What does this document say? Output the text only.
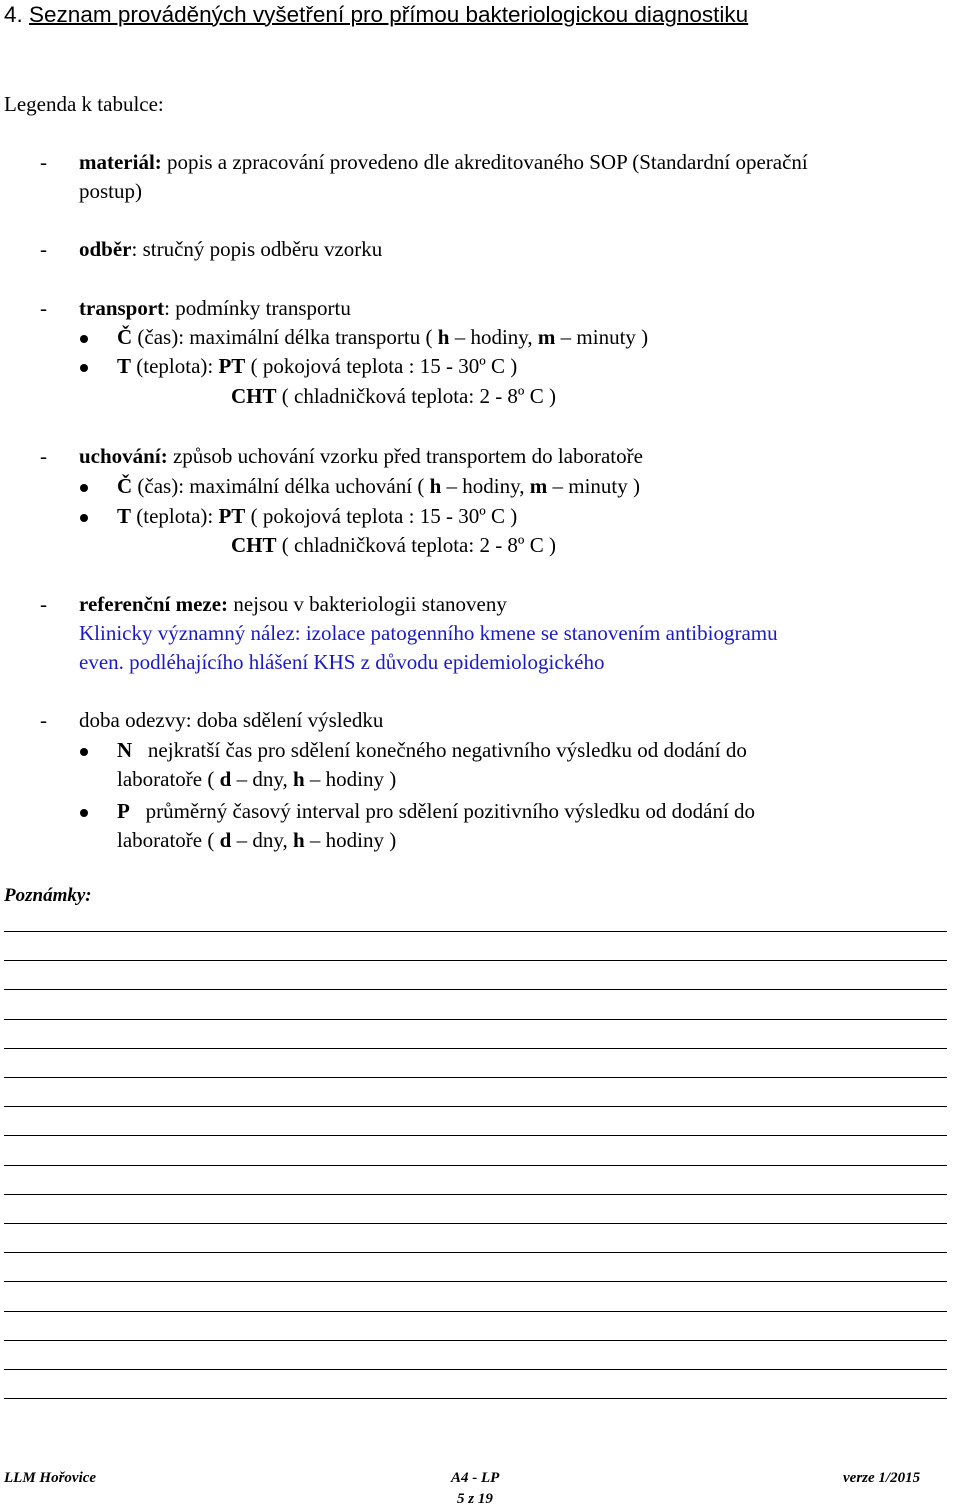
4. Seznam prováděných vyšetření pro přímou bakteriologickou diagnostiku
Legenda k tabulce:
- materiál: popis a zpracování provedeno dle akreditovaného SOP (Standardní operační
postup)
- odběr: stručný popis odběru vzorku
- transport: podmínky transportu
Č (čas): maximální délka transportu ( h – hodiny, m – minuty )
T (teplota): PT ( pokojová teplota : 15 - 30º C )
CHT ( chladničková teplota: 2 - 8º C )
- uchování: způsob uchování vzorku před transportem do laboratoře
Č (čas): maximální délka uchování ( h – hodiny, m – minuty )
T (teplota): PT ( pokojová teplota : 15 - 30º C )
CHT ( chladničková teplota: 2 - 8º C )
- referenční meze: nejsou v bakteriologii stanoveny
Klinicky významný nález: izolace patogenního kmene se stanovením antibiogramu
even. podléhajícího hlášení KHS z důvodu epidemiologického
- doba odezvy: doba sdělení výsledku
N nejkratší čas pro sdělení konečného negativního výsledku od dodání do
laboratoře ( d – dny, h – hodiny )
P průměrný časový interval pro sdělení pozitivního výsledku od dodání do
laboratoře ( d – dny, h – hodiny )
Poznámky:
LLM Hořovice	A4 - LP
5 z 19
verze 1/2015
